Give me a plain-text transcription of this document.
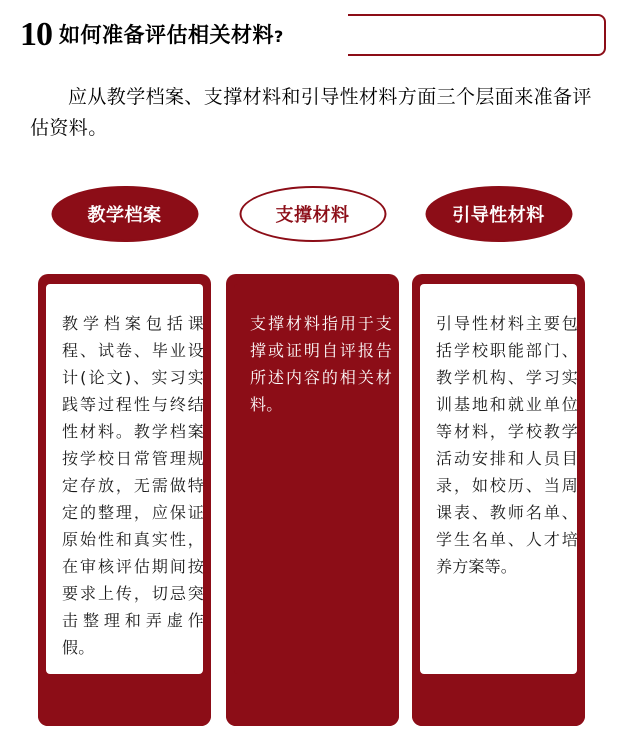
10 如何准备评估相关材料?
应从教学档案、支撑材料和引导性材料方面三个层面来准备评估资料。
教学档案
教学档案包括课程、试卷、毕业设计(论文)、实习实践等过程性与终结性材料。教学档案按学校日常管理规定存放，无需做特定的整理，应保证原始性和真实性，在审核评估期间按要求上传，切忌突击整理和弄虚作假。
支撑材料
支撑材料指用于支撑或证明自评报告所述内容的相关材料。
引导性材料
引导性材料主要包括学校职能部门、教学机构、学习实训基地和就业单位等材料，学校教学活动安排和人员目录，如校历、当周课表、教师名单、学生名单、人才培养方案等。
